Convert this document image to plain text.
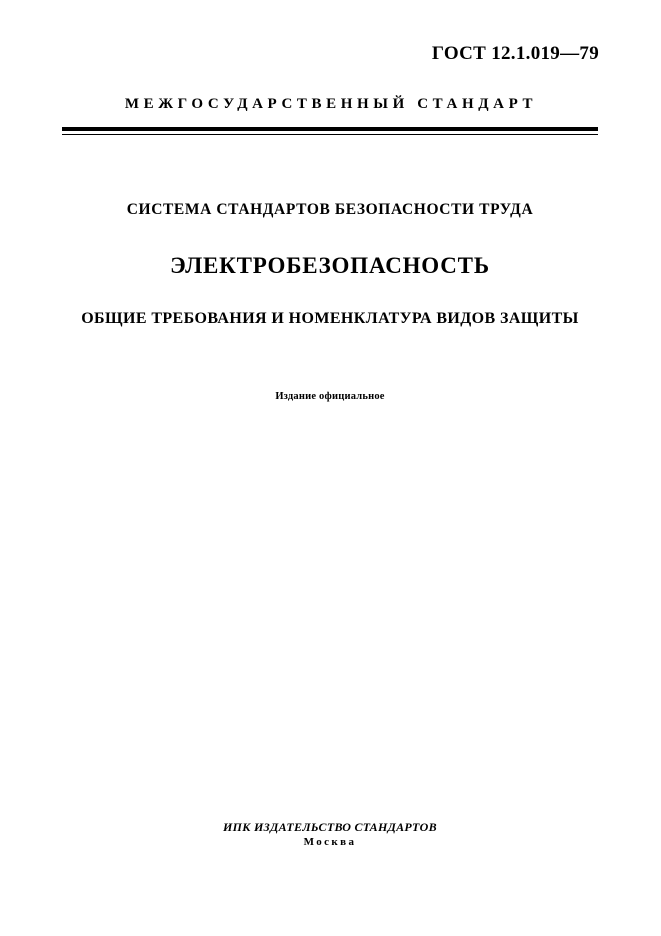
ГОСТ 12.1.019—79
МЕЖГОСУДАРСТВЕННЫЙ СТАНДАРТ
СИСТЕМА СТАНДАРТОВ БЕЗОПАСНОСТИ ТРУДА
ЭЛЕКТРОБЕЗОПАСНОСТЬ
ОБЩИЕ ТРЕБОВАНИЯ И НОМЕНКЛАТУРА ВИДОВ ЗАЩИТЫ
Издание официальное
ИПК ИЗДАТЕЛЬСТВО СТАНДАРТОВ
Москва
